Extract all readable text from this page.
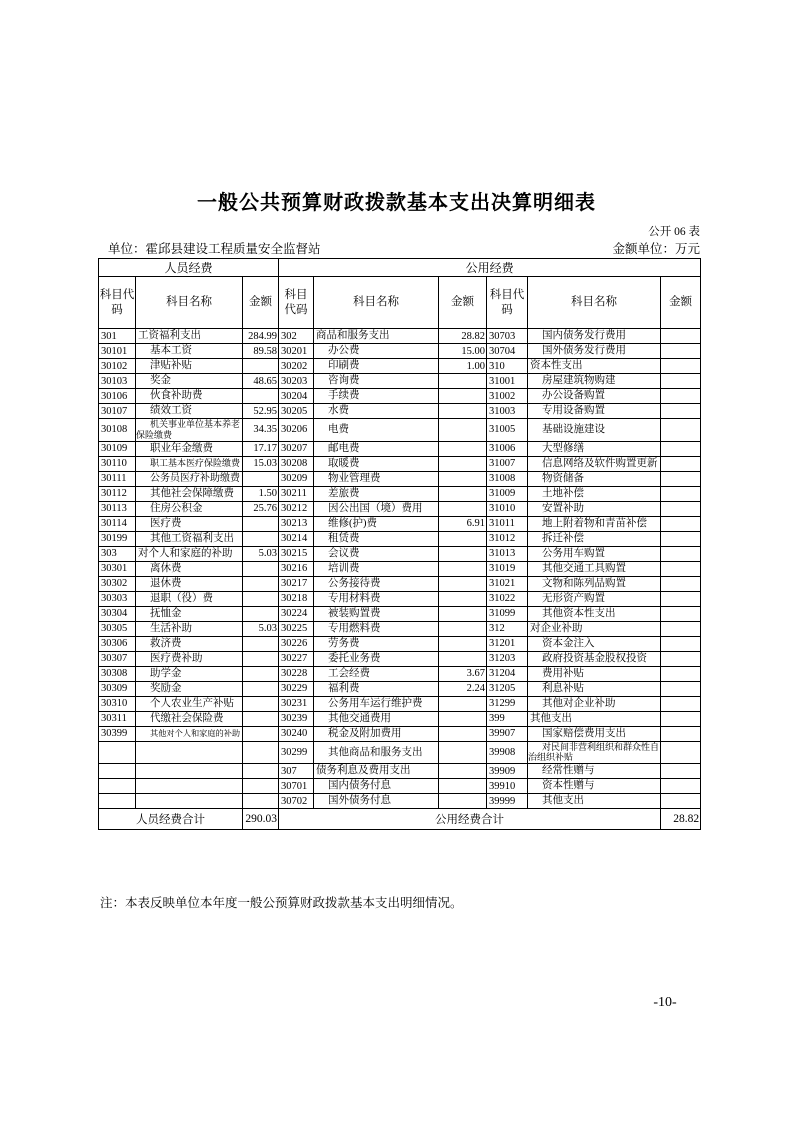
一般公共预算财政拨款基本支出决算明细表
公开 06 表
单位：霍邱县建设工程质量安全监督站	金额单位：万元
人员经费			公用经费					
科目代码	科目名称	金额	科目代码	科目名称	金额	科目代码	科目名称	金额
301	工资福利支出	284.99	302	商品和服务支出	28.82	30703	国内债务发行费用	
30101	基本工资	89.58	30201	办公费	15.00	30704	国外债务发行费用	
30102	津贴补贴		30202	印刷费	1.00	310	资本性支出	
30103	奖金	48.65	30203	咨询费		31001	房屋建筑物购建	
30106	伙食补助费		30204	手续费		31002	办公设备购置	
30107	绩效工资	52.95	30205	水费		31003	专用设备购置	
30108	机关事业单位基本养老保险缴费	34.35	30206	电费		31005	基础设施建设	
30109	职业年金缴费	17.17	30207	邮电费		31006	大型修缮	
30110	职工基本医疗保险缴费	15.03	30208	取暖费		31007	信息网络及软件购置更新	
30111	公务员医疗补助缴费		30209	物业管理费		31008	物资储备	
30112	其他社会保障缴费	1.50	30211	差旅费		31009	土地补偿	
30113	住房公积金	25.76	30212	因公出国（境）费用		31010	安置补助	
30114	医疗费		30213	维修(护)费	6.91	31011	地上附着物和青苗补偿	
30199	其他工资福利支出		30214	租赁费		31012	拆迁补偿	
303	对个人和家庭的补助	5.03	30215	会议费		31013	公务用车购置	
30301	离休费		30216	培训费		31019	其他交通工具购置	
30302	退休费		30217	公务接待费		31021	文物和陈列品购置	
30303	退职（役）费		30218	专用材料费		31022	无形资产购置	
30304	抚恤金		30224	被装购置费		31099	其他资本性支出	
30305	生活补助	5.03	30225	专用燃料费		312	对企业补助	
30306	救济费		30226	劳务费		31201	资本金注入	
30307	医疗费补助		30227	委托业务费		31203	政府投资基金股权投资	
30308	助学金		30228	工会经费	3.67	31204	费用补贴	
30309	奖励金		30229	福利费	2.24	31205	利息补贴	
30310	个人农业生产补贴		30231	公务用车运行维护费		31299	其他对企业补助	
30311	代缴社会保险费		30239	其他交通费用		399	其他支出	
30399	其他对个人和家庭的补助		30240	税金及附加费用		39907	国家赔偿费用支出	
			30299	其他商品和服务支出		39908	对民间非营利组织和群众性自治组织补贴	
			307	债务利息及费用支出		39909	经常性赠与	
			30701	国内债务付息		39910	资本性赠与	
			30702	国外债务付息		39999	其他支出	
人员经费合计		290.03	公用经费合计					28.82
注：本表反映单位本年度一般公预算财政拨款基本支出明细情况。
-10-
